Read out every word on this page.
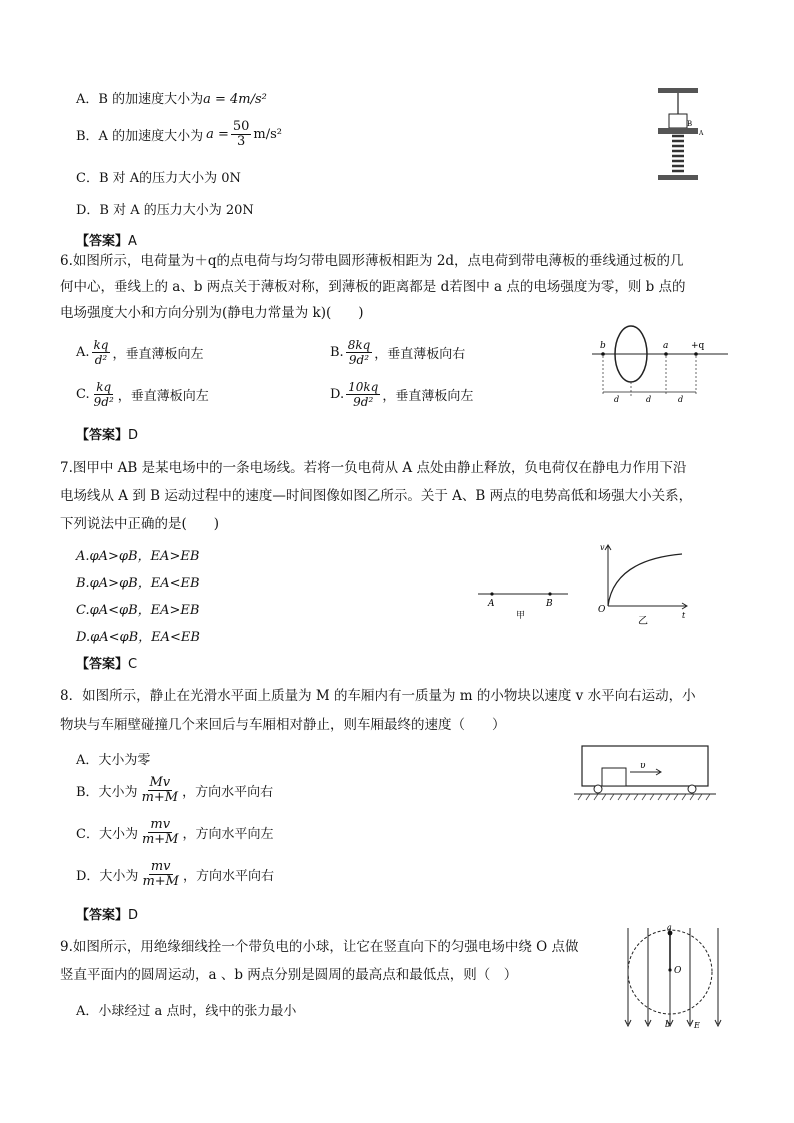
A．B 的加速度大小为a = 4m/s²
B．A 的加速度大小为 $a = \frac{50}{3} m/s^2$
C．B 对 A的压力大小为 0N
D．B 对 A 的压力大小为 20N
【答案】A
B
A
6.如图所示，电荷量为＋q的点电荷与均匀带电圆形薄板相距为 2d，点电荷到带电薄板的垂线通过板的几
何中心，垂线上的 a、b 两点关于薄板对称，到薄板的距离都是 d若图中 a 点的电场强度为零，则 b 点的
电场强度大小和方向分别为(静电力常量为 k)(　　)
A. $\frac{kq}{\text{d²}}$ ，垂直薄板向左	B. $\frac{8kq}{\text{9d²}}$ ，垂直薄板向右
C. $\frac{kq}{\text{9d²}}$ ，垂直薄板向左	D. $\frac{10kq}{\text{9d²}}$ ，垂直薄板向左
【答案】D
b	a	+q
d	d	d
7.图甲中 AB 是某电场中的一条电场线。若将一负电荷从 A 点处由静止释放，负电荷仅在静电力作用下沿
电场线从 A 到 B 运动过程中的速度—时间图像如图乙所示。关于 A、B 两点的电势高低和场强大小关系，
下列说法中正确的是(　　)
A.φA>φB，EA>EB
B.φA>φB，EA<EB
C.φA<φB，EA>EB
D.φA<φB，EA<EB
【答案】C
A	B
甲
v
O
t
乙
8．如图所示，静止在光滑水平面上质量为 M 的车厢内有一质量为 m 的小物块以速度 v 水平向右运动，小
物块与车厢壁碰撞几个来回后与车厢相对静止，则车厢最终的速度（　　）
A．大小为零
B．大小为 $\frac{Mv}{m+M}$ ，方向水平向右
C．大小为 $\frac{mv}{m+M}$ ，方向水平向左
D．大小为 $\frac{mv}{m+M}$ ，方向水平向右
【答案】D
υ
9.如图所示，用绝缘细线拴一个带负电的小球，让它在竖直向下的匀强电场中绕 O 点做
竖直平面内的圆周运动，a 、b 两点分别是圆周的最高点和最低点，则（　）
A．小球经过 a 点时，线中的张力最小
a
O
b	E
